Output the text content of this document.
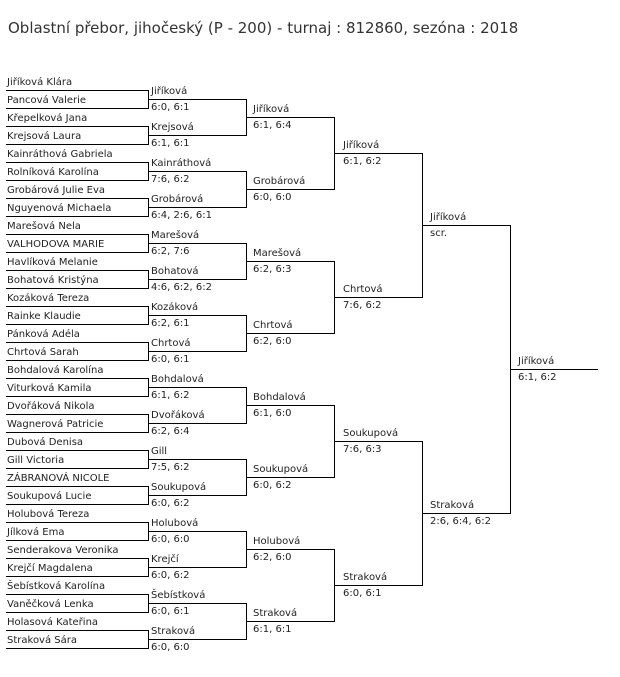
Oblastní přebor, jihočeský (P - 200) - turnaj : 812860, sezóna : 2018
Jiříková Klára
Pancová Valerie
Křepelková Jana
Krejsová Laura
Kainráthová Gabriela
Rolníková Karolína
Grobárová Julie Eva
Nguyenová Michaela
Marešová Nela
VALHODOVA MARIE
Havlíková Melanie
Bohatová Kristýna
Kozáková Tereza
Rainke Klaudie
Pánková Adéla
Chrtová Sarah
Bohdalová Karolína
Viturková Kamila
Dvořáková Nikola
Wagnerová Patricie
Dubová Denisa
Gill Victoria
ZÁBRANOVÁ NICOLE
Soukupová Lucie
Holubová Tereza
Jílková Ema
Senderakova Veronika
Krejčí Magdalena
Šebístková Karolína
Vaněčková Lenka
Holasová Kateřina
Straková Sára
Jiříková
6:0, 6:1
Krejsová
6:1, 6:1
Kainráthová
7:6, 6:2
Grobárová
6:4, 2:6, 6:1
Marešová
6:2, 7:6
Bohatová
4:6, 6:2, 6:2
Kozáková
6:2, 6:1
Chrtová
6:0, 6:1
Bohdalová
6:1, 6:2
Dvořáková
6:2, 6:4
Gill
7:5, 6:2
Soukupová
6:0, 6:2
Holubová
6:0, 6:0
Krejčí
6:0, 6:2
Šebístková
6:0, 6:1
Straková
6:0, 6:0
Jiříková
6:1, 6:4
Grobárová
6:0, 6:0
Marešová
6:2, 6:3
Chrtová
6:2, 6:0
Bohdalová
6:1, 6:0
Soukupová
6:0, 6:2
Holubová
6:2, 6:0
Straková
6:1, 6:1
Jiříková
6:1, 6:2
Chrtová
7:6, 6:2
Soukupová
7:6, 6:3
Straková
6:0, 6:1
Jiříková
scr.
Straková
2:6, 6:4, 6:2
Jiříková
6:1, 6:2
